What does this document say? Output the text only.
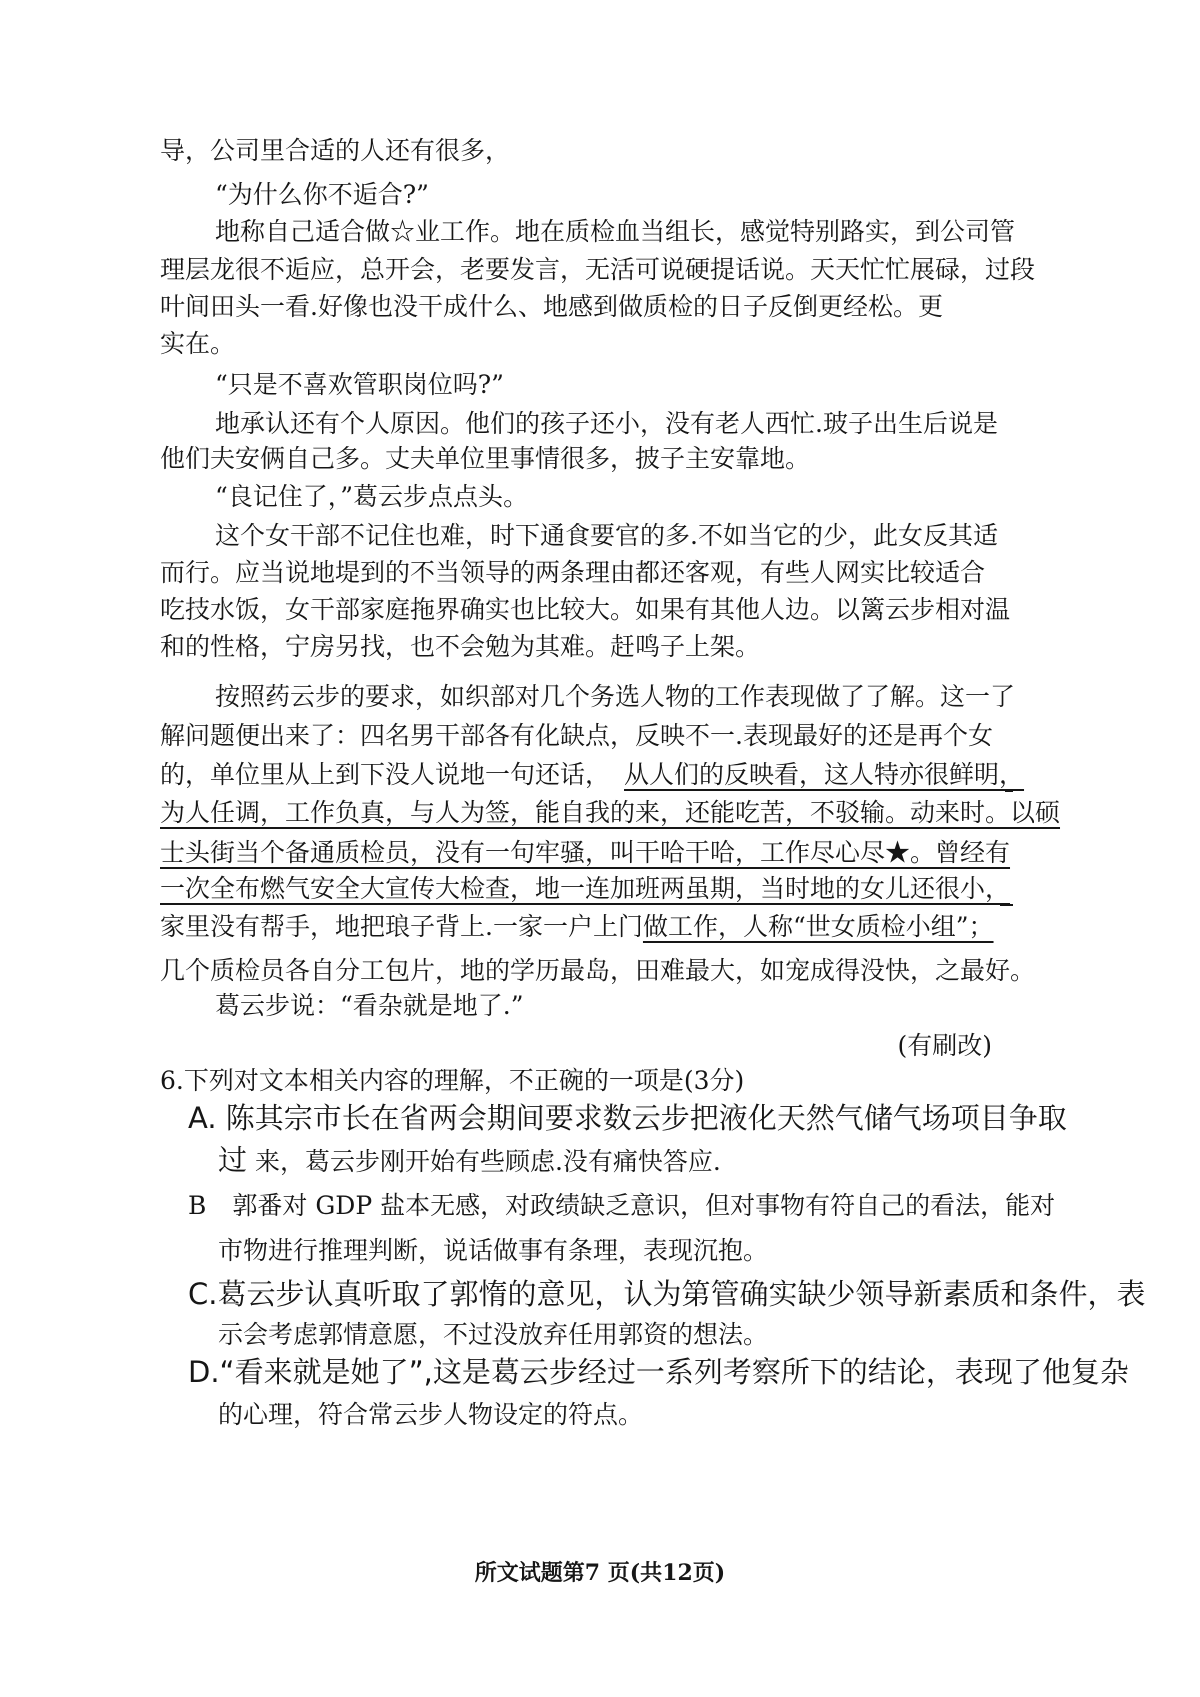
导，公司里合适的人还有很多，
“为什么你不逅合?”
地称自己适合做☆业工作。地在质检血当组长，感觉特别路实，到公司管
理层龙很不逅应，总开会，老要发言，无活可说硬提话说。天天忙忙展碌，过段
叶间田头一看.好像也没干成什么、地感到做质检的日子反倒更经松。更
实在。
“只是不喜欢管职岗位吗?”
地承认还有个人原因。他们的孩子还小，没有老人西忙.玻子出生后说是
他们夫安俩自己多。丈夫单位里事情很多，披子主安靠地。
“良记住了，”葛云步点点头。
这个女干部不记住也难，时下通食要官的多.不如当它的少，此女反其适
而行。应当说地堤到的不当领导的两条理由都还客观，有些人网实比较适合
吃技水饭，女干部家庭拖界确实也比较大。如果有其他人边。以篱云步相对温
和的性格，宁房另找，也不会勉为其难。赶鸣子上架。
按照药云步的要求，如织部对几个务选人物的工作表现做了了解。这一了
解问题便出来了：四名男干部各有化缺点，反映不一.表现最好的还是再个女
的，单位里从上到下没人说地一句还话， 从人们的反映看，这人特亦很鲜明，
为人任调，工作负真，与人为签，能自我的来，还能吃苦，不驳输。动来时。以硕
士头街当个备通质检员，没有一句牢骚，叫干哈干哈，工作尽心尽★。曾经有
一次全布燃气安全大宣传大检查，地一连加班两虽期，当时地的女儿还很小，
家里没有帮手，地把琅子背上.一家一户上门做工作，人称“世女质检小组”；
几个质检员各自分工包片，地的学历最岛，田难最大，如宠成得没快，之最好。
葛云步说：“看杂就是地了.”
(有刷改)
6.下列对文本相关内容的理解，不正碗的一项是(3分)
A. 陈其宗市长在省两会期间要求数云步把液化天然气储气场项目争取
过 来，葛云步刚开始有些顾虑.没有痛快答应.
B 郭番对 GDP 盐本无感，对政绩缺乏意识，但对事物有符自己的看法，能对
市物进行推理判断，说话做事有条理，表现沉抱。
C.葛云步认真听取了郭惰的意见，认为第管确实缺少领导新素质和条件，表
示会考虑郭情意愿，不过没放弃任用郭资的想法。
D.“看来就是她了”,这是葛云步经过一系列考察所下的结论，表现了他复杂
的心理，符合常云步人物设定的符点。
所文试题第7 页(共12页)
